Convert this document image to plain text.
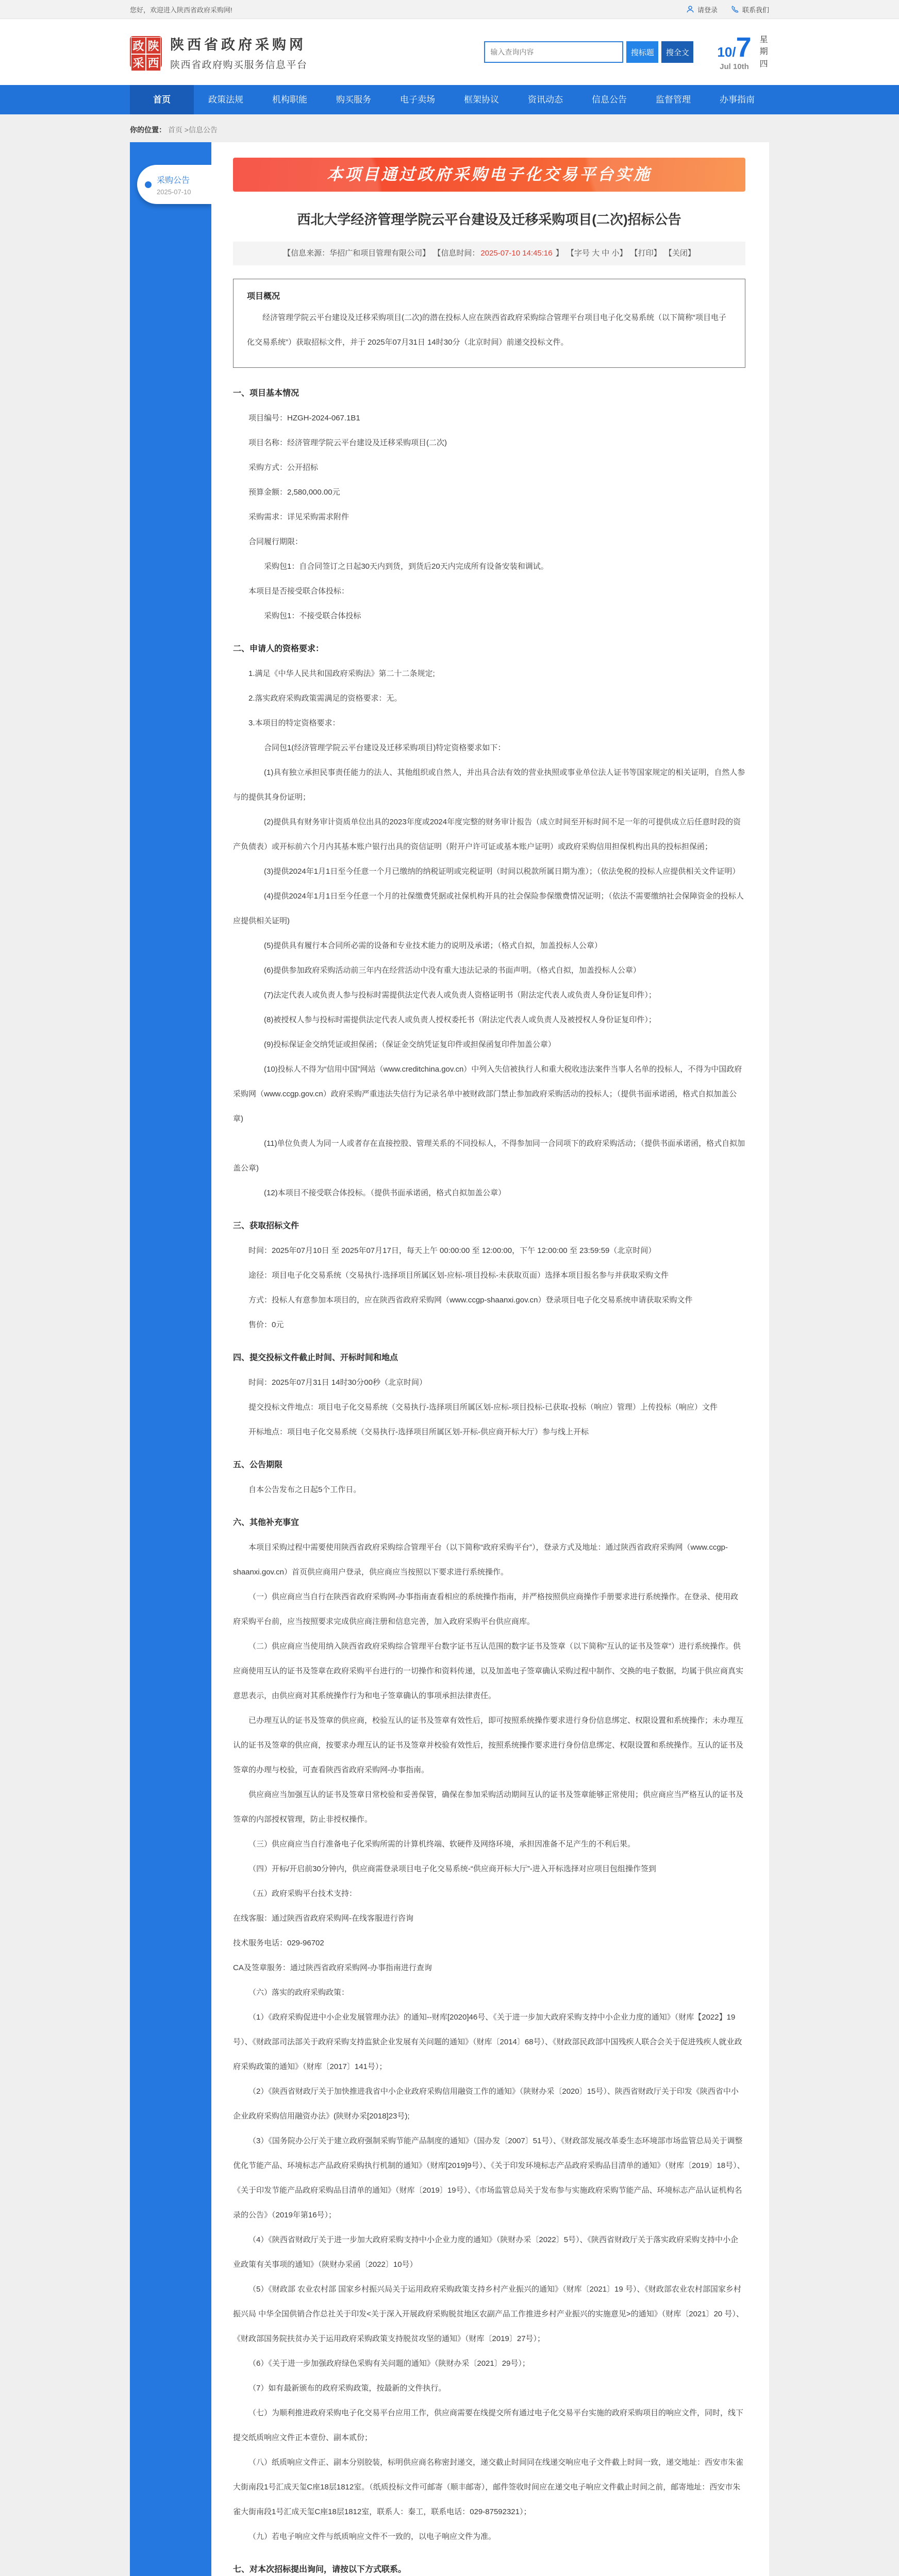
您好，欢迎进入陕西省政府采购网!	请登录	联系我们
政 陕
采 西
陕西省政府采购网
陕西省政府购买服务信息平台
输入查询内容
搜标题	搜全文	10/7
Jul 10th
星期四
首页	政策法规	机构职能	购买服务	电子卖场	框架协议	资讯动态	信息公告	监督管理	办事指南
你的位置： 首页 >信息公告
采购公告
2025-07-10
本项目通过政府采购电子化交易平台实施
西北大学经济管理学院云平台建设及迁移采购项目(二次)招标公告
【信息来源：华招广和项目管理有限公司】 【信息时间： 2025-07-10 14:45:16 】 【字号 大 中 小】 【打印】 【关闭】
项目概况
经济管理学院云平台建设及迁移采购项目(二次)的潜在投标人应在陕西省政府采购综合管理平台项目电子化交易系统（以下简称“项目电子化交易系统”）获取招标文件，并于 2025年07月31日 14时30分（北京时间）前递交投标文件。
一、项目基本情况
项目编号：HZGH-2024-067.1B1
项目名称：经济管理学院云平台建设及迁移采购项目(二次)
采购方式：公开招标
预算金额：2,580,000.00元
采购需求：详见采购需求附件
合同履行期限：
采购包1：自合同签订之日起30天内到货，到货后20天内完成所有设备安装和调试。
本项目是否接受联合体投标：
采购包1：不接受联合体投标
二、申请人的资格要求：
1.满足《中华人民共和国政府采购法》第二十二条规定;
2.落实政府采购政策需满足的资格要求：无。
3.本项目的特定资格要求：
合同包1(经济管理学院云平台建设及迁移采购项目)特定资格要求如下：
(1)具有独立承担民事责任能力的法人、其他组织或自然人，并出具合法有效的营业执照或事业单位法人证书等国家规定的相关证明，自然人参与的提供其身份证明；
(2)提供具有财务审计资质单位出具的2023年度或2024年度完整的财务审计报告（成立时间至开标时间不足一年的可提供成立后任意时段的资产负债表）或开标前六个月内其基本账户银行出具的资信证明（附开户许可证或基本账户证明）或政府采购信用担保机构出具的投标担保函；
(3)提供2024年1月1日至今任意一个月已缴纳的纳税证明或完税证明（时间以税款所属日期为准）；（依法免税的投标人应提供相关文件证明）
(4)提供2024年1月1日至今任意一个月的社保缴费凭据或社保机构开具的社会保险参保缴费情况证明；（依法不需要缴纳社会保障资金的投标人应提供相关证明)
(5)提供具有履行本合同所必需的设备和专业技术能力的说明及承诺；（格式自拟，加盖投标人公章）
(6)提供参加政府采购活动前三年内在经营活动中没有重大违法记录的书面声明。（格式自拟，加盖投标人公章）
(7)法定代表人或负责人参与投标时需提供法定代表人或负责人资格证明书（附法定代表人或负责人身份证复印件）；
(8)被授权人参与投标时需提供法定代表人或负责人授权委托书（附法定代表人或负责人及被授权人身份证复印件）；
(9)投标保证金交纳凭证或担保函；（保证金交纳凭证复印件或担保函复印件加盖公章）
(10)投标人不得为“信用中国”网站（www.creditchina.gov.cn）中列入失信被执行人和重大税收违法案件当事人名单的投标人，不得为中国政府采购网（www.ccgp.gov.cn）政府采购严重违法失信行为记录名单中被财政部门禁止参加政府采购活动的投标人；（提供书面承诺函，格式自拟加盖公章)
(11)单位负责人为同一人或者存在直接控股、管理关系的不同投标人，不得参加同一合同项下的政府采购活动；（提供书面承诺函，格式自拟加盖公章)
(12)本项目不接受联合体投标。（提供书面承诺函，格式自拟加盖公章）
三、获取招标文件
时间：2025年07月10日 至 2025年07月17日，每天上午 00:00:00 至 12:00:00，下午 12:00:00 至 23:59:59（北京时间）
途径：项目电子化交易系统（交易执行-选择项目所属区划-应标-项目投标-未获取页面）选择本项目报名参与并获取采购文件
方式：投标人有意参加本项目的，应在陕西省政府采购网（www.ccgp-shaanxi.gov.cn）登录项目电子化交易系统申请获取采购文件
售价：0元
四、提交投标文件截止时间、开标时间和地点
时间：2025年07月31日 14时30分00秒（北京时间）
提交投标文件地点：项目电子化交易系统（交易执行-选择项目所属区划-应标-项目投标-已获取-投标（响应）管理）上传投标（响应）文件
开标地点：项目电子化交易系统（交易执行-选择项目所属区划-开标-供应商开标大厅）参与线上开标
五、公告期限
自本公告发布之日起5个工作日。
六、其他补充事宜
本项目采购过程中需要使用陕西省政府采购综合管理平台（以下简称“政府采购平台”），登录方式及地址：通过陕西省政府采购网（www.ccgp-shaanxi.gov.cn）首页供应商用户登录，供应商应当按照以下要求进行系统操作。
（一）供应商应当自行在陕西省政府采购网-办事指南查看相应的系统操作指南，并严格按照供应商操作手册要求进行系统操作。在登录、使用政府采购平台前，应当按照要求完成供应商注册和信息完善，加入政府采购平台供应商库。
（二）供应商应当使用纳入陕西省政府采购综合管理平台数字证书互认范围的数字证书及签章（以下简称“互认的证书及签章”）进行系统操作。供应商使用互认的证书及签章在政府采购平台进行的一切操作和资料传递，以及加盖电子签章确认采购过程中制作、交换的电子数据，均属于供应商真实意思表示，由供应商对其系统操作行为和电子签章确认的事项承担法律责任。
已办理互认的证书及签章的供应商，校验互认的证书及签章有效性后，即可按照系统操作要求进行身份信息绑定、权限设置和系统操作；未办理互认的证书及签章的供应商，按要求办理互认的证书及签章并校验有效性后，按照系统操作要求进行身份信息绑定、权限设置和系统操作。互认的证书及签章的办理与校验，可查看陕西省政府采购网-办事指南。
供应商应当加强互认的证书及签章日常校验和妥善保管，确保在参加采购活动期间互认的证书及签章能够正常使用；供应商应当严格互认的证书及签章的内部授权管理，防止非授权操作。
（三）供应商应当自行准备电子化采购所需的计算机终端、软硬件及网络环境，承担因准备不足产生的不利后果。
（四）开标/开启前30分钟内，供应商需登录项目电子化交易系统-“供应商开标大厅”-进入开标选择对应项目包组操作签到
（五）政府采购平台技术支持：
在线客服：通过陕西省政府采购网-在线客服进行咨询
技术服务电话：029-96702
CA及签章服务：通过陕西省政府采购网-办事指南进行查询
（六）落实的政府采购政策：
（1）《政府采购促进中小企业发展管理办法》的通知--财库[2020]46号、《关于进一步加大政府采购支持中小企业力度的通知》（财库【2022】19号）、《财政部司法部关于政府采购支持监狱企业发展有关问题的通知》（财库〔2014〕68号）、《财政部民政部中国残疾人联合会关于促进残疾人就业政府采购政策的通知》（财库〔2017〕141号）；
（2）《陕西省财政厅关于加快推进我省中小企业政府采购信用融资工作的通知》（陕财办采〔2020〕15号）、陕西省财政厅关于印发《陕西省中小企业政府采购信用融资办法》(陕财办采[2018]23号);
（3）《国务院办公厅关于建立政府强制采购节能产品制度的通知》（国办发〔2007〕51号）、《财政部发展改革委生态环境部市场监管总局关于调整优化节能产品、环境标志产品政府采购执行机制的通知》（财库[2019]9号）、《关于印发环境标志产品政府采购品目清单的通知》（财库〔2019〕18号）、《关于印发节能产品政府采购品目清单的通知》（财库〔2019〕19号）、《市场监管总局关于发布参与实施政府采购节能产品、环境标志产品认证机构名录的公告》（2019年第16号）；
（4）《陕西省财政厅关于进一步加大政府采购支持中小企业力度的通知》（陕财办采〔2022〕5号）、《陕西省财政厅关于落实政府采购支持中小企业政策有关事项的通知》（陕财办采函〔2022〕10号）
（5）《财政部 农业农村部 国家乡村振兴局关于运用政府采购政策支持乡村产业振兴的通知》（财库〔2021〕19 号）、《财政部农业农村部国家乡村振兴局 中华全国供销合作总社关于印发<关于深入开展政府采购脱贫地区农副产品工作推进乡村产业振兴的实施意见>的通知》（财库〔2021〕20 号）、《财政部国务院扶贫办关于运用政府采购政策支持脱贫攻坚的通知》（财库〔2019〕27号）；
（6）《关于进一步加强政府绿色采购有关问题的通知》（陕财办采〔2021〕29号）；
（7）如有最新颁布的政府采购政策，按最新的文件执行。
（七）为顺利推进政府采购电子化交易平台应用工作，供应商需要在线提交所有通过电子化交易平台实施的政府采购项目的响应文件，同时，线下提交纸质响应文件正本壹份、副本贰份；
（八）纸质响应文件正、副本分别胶装，标明供应商名称密封递交，递交截止时间同在线递交响应电子文件截上时间一致，递交地址：西安市朱雀大街南段1号汇成天玺C座18层1812室。（纸质投标文件可邮寄（顺丰邮寄），邮件签收时间应在递交电子响应文件截止时间之前，邮寄地址：西安市朱雀大街南段1号汇成天玺C座18层1812室，联系人：秦工，联系电话：029-87592321）；
（九）若电子响应文件与纸质响应文件不一致的，以电子响应文件为准。
七、对本次招标提出询问，请按以下方式联系。
